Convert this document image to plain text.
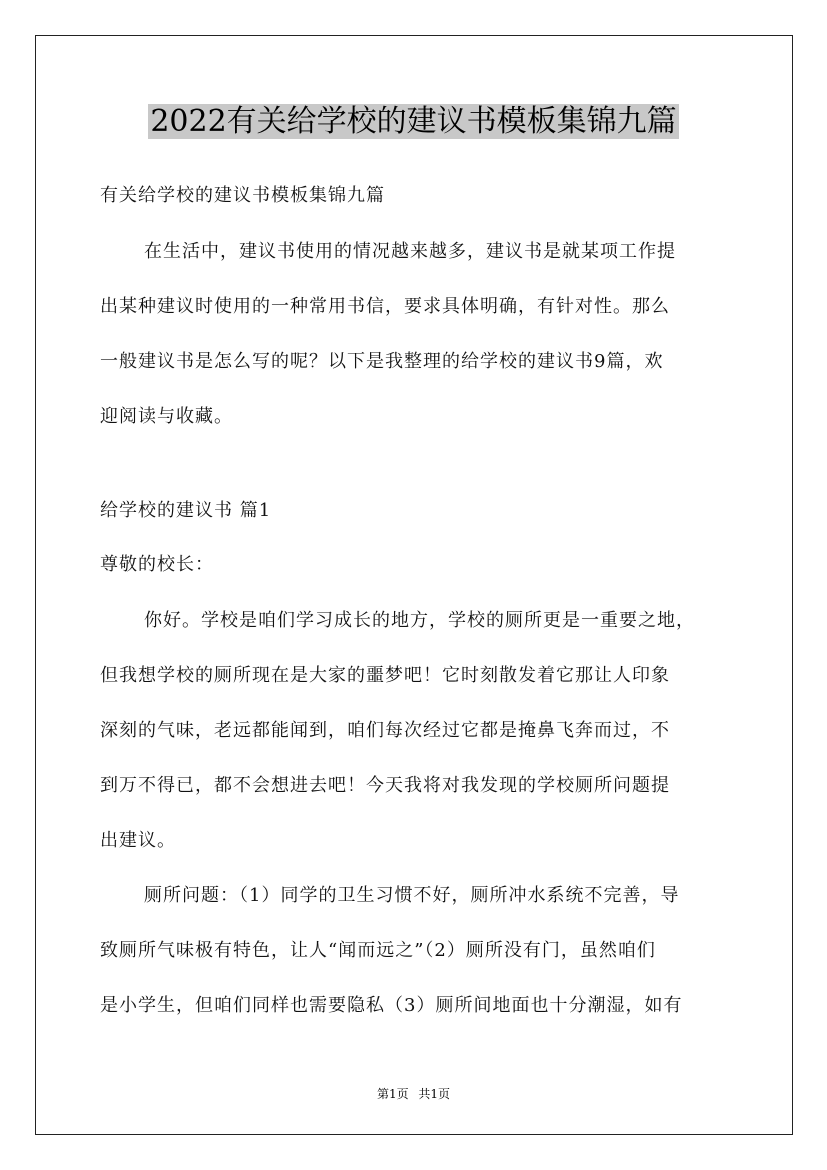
2022有关给学校的建议书模板集锦九篇
有关给学校的建议书模板集锦九篇
在生活中，建议书使用的情况越来越多，建议书是就某项工作提
出某种建议时使用的一种常用书信，要求具体明确，有针对性。那么
一般建议书是怎么写的呢？以下是我整理的给学校的建议书9篇，欢
迎阅读与收藏。
给学校的建议书 篇1
尊敬的校长：
你好。学校是咱们学习成长的地方，学校的厕所更是一重要之地，
但我想学校的厕所现在是大家的噩梦吧！它时刻散发着它那让人印象
深刻的气味，老远都能闻到，咱们每次经过它都是掩鼻飞奔而过，不
到万不得已，都不会想进去吧！今天我将对我发现的学校厕所问题提
出建议。
厕所问题：（1）同学的卫生习惯不好，厕所冲水系统不完善，导
致厕所气味极有特色，让人“闻而远之”（2）厕所没有门，虽然咱们
是小学生，但咱们同样也需要隐私（3）厕所间地面也十分潮湿，如有
第1页 共1页
